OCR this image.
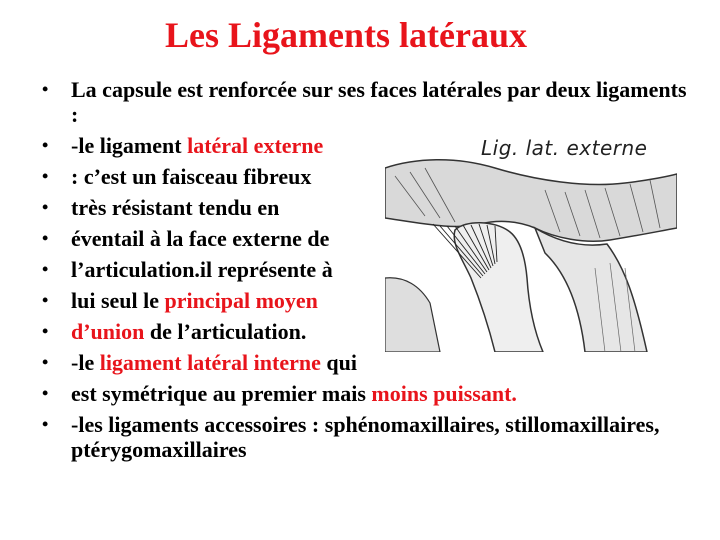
Les Ligaments latéraux
• La capsule est renforcée sur ses faces latérales par deux ligaments :
• -le ligament latéral externe
• : c’est un faisceau fibreux
• très résistant tendu en
• éventail à la face externe de
• l’articulation.il représente à
• lui seul le principal moyen
• d’union de l’articulation.
• -le ligament latéral interne qui
• est symétrique au premier mais moins puissant.
• -les ligaments accessoires : sphénomaxillaires, stillomaxillaires, ptérygomaxillaires
Lig. lat. externe
